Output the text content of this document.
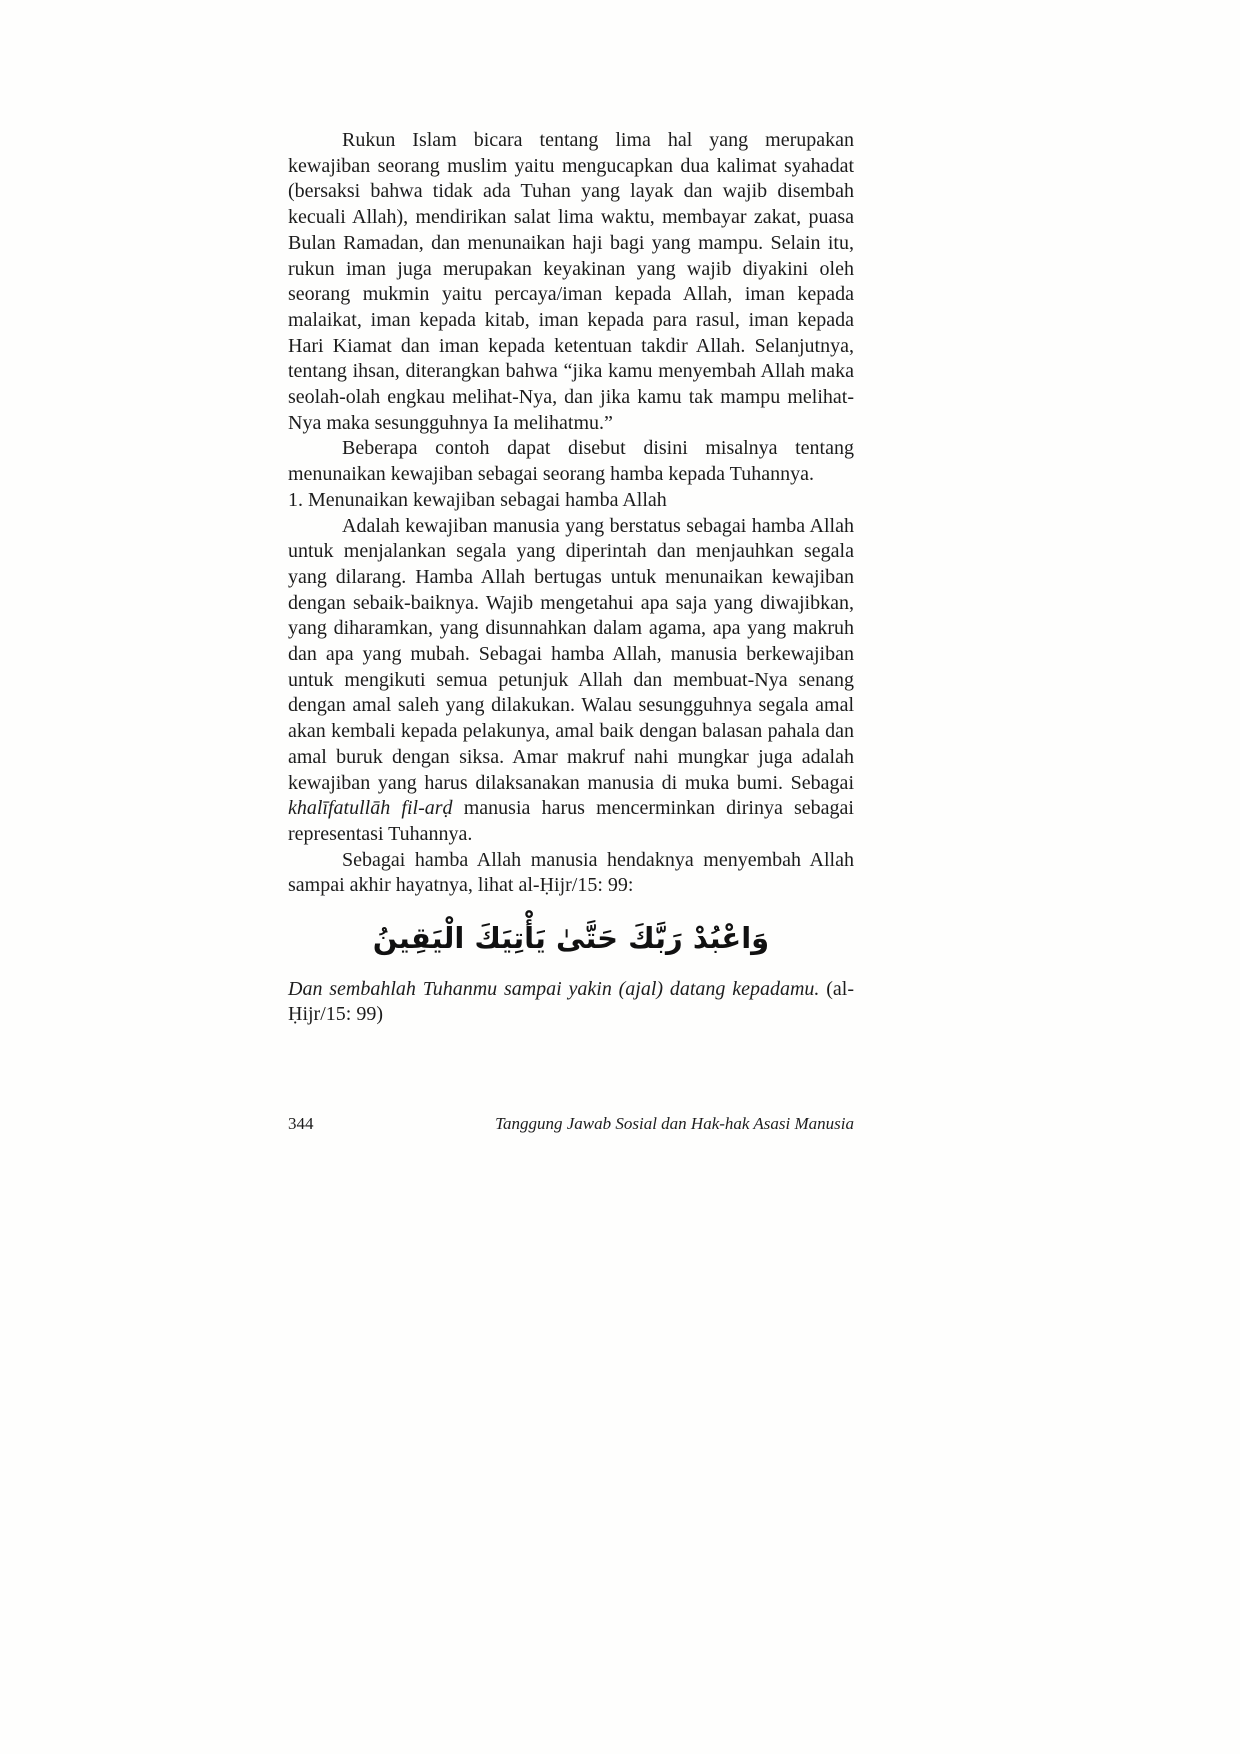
Rukun Islam bicara tentang lima hal yang merupakan kewajiban seorang muslim yaitu mengucapkan dua kalimat syahadat (bersaksi bahwa tidak ada Tuhan yang layak dan wajib disembah kecuali Allah), mendirikan salat lima waktu, membayar zakat, puasa Bulan Ramadan, dan menunaikan haji bagi yang mampu. Selain itu, rukun iman juga merupakan keyakinan yang wajib diyakini oleh seorang mukmin yaitu percaya/iman kepada Allah, iman kepada malaikat, iman kepada kitab, iman kepada para rasul, iman kepada Hari Kiamat dan iman kepada ketentuan takdir Allah. Selanjutnya, tentang ihsan, diterangkan bahwa “jika kamu menyembah Allah maka seolah-olah engkau melihat-Nya, dan jika kamu tak mampu melihat-Nya maka sesungguhnya Ia melihatmu.”

Beberapa contoh dapat disebut disini misalnya tentang menunaikan kewajiban sebagai seorang hamba kepada Tuhannya.

1. Menunaikan kewajiban sebagai hamba Allah

Adalah kewajiban manusia yang berstatus sebagai hamba Allah untuk menjalankan segala yang diperintah dan menjauhkan segala yang dilarang. Hamba Allah bertugas untuk menunaikan kewajiban dengan sebaik-baiknya. Wajib mengetahui apa saja yang diwajibkan, yang diharamkan, yang disunnahkan dalam agama, apa yang makruh dan apa yang mubah. Sebagai hamba Allah, manusia berkewajiban untuk mengikuti semua petunjuk Allah dan membuat-Nya senang dengan amal saleh yang dilakukan. Walau sesungguhnya segala amal akan kembali kepada pelakunya, amal baik dengan balasan pahala dan amal buruk dengan siksa. Amar makruf nahi mungkar juga adalah kewajiban yang harus dilaksanakan manusia di muka bumi. Sebagai khalīfatullāh fil-arḍ manusia harus mencerminkan dirinya sebagai representasi Tuhannya.

Sebagai hamba Allah manusia hendaknya menyembah Allah sampai akhir hayatnya, lihat al-Ḥijr/15: 99:

وَاعْبُدْ رَبَّكَ حَتَّىٰ يَأْتِيَكَ الْيَقِينُ

Dan sembahlah Tuhanmu sampai yakin (ajal) datang kepadamu. (al-Ḥijr/15: 99)

344	Tanggung Jawab Sosial dan Hak-hak Asasi Manusia
